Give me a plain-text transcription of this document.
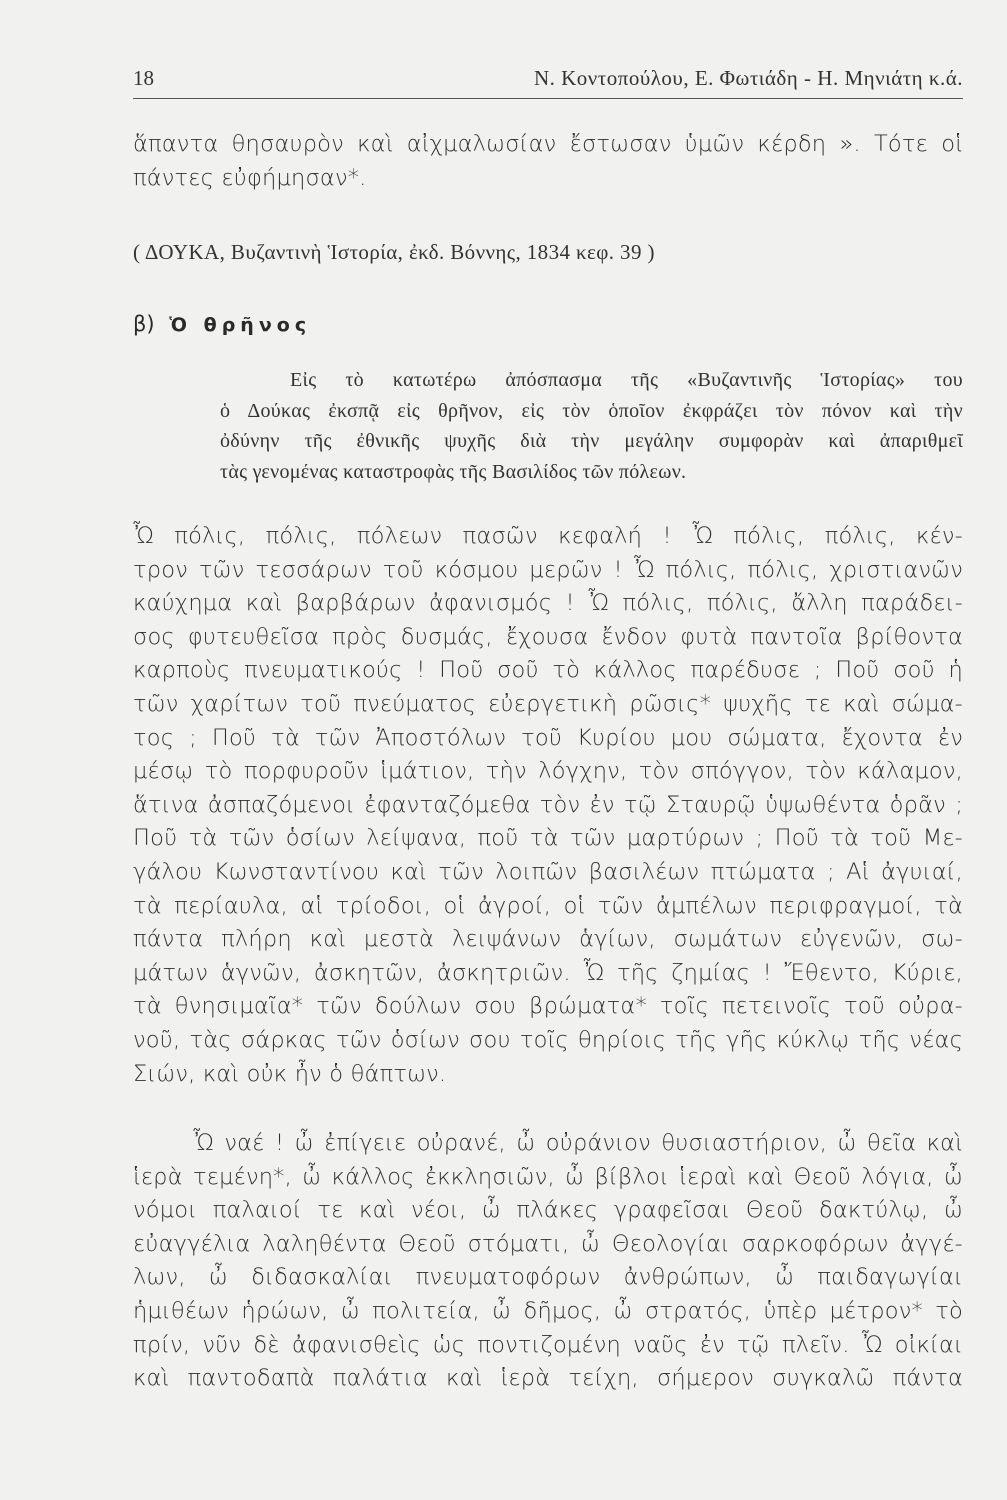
18	Ν. Κοντοπούλου, Ε. Φωτιάδη - Η. Μηνιάτη κ.ά.
ἅπαντα θησαυρὸν καὶ αἰχμαλωσίαν ἔστωσαν ὑμῶν κέρδη ». Τότε οἱ
πάντες εὐφήμησαν*.
( ΔΟΥΚΑ, Βυζαντινὴ Ἱστορία, ἐκδ. Βόννης, 1834 κεφ. 39 )
β) Ὁ θρῆνος
Εἰς τὸ κατωτέρω ἀπόσπασμα τῆς «Βυζαντινῆς Ἱστορίας» του
ὁ Δούκας ἐκσπᾷ εἰς θρῆνον, εἰς τὸν ὁποῖον ἐκφράζει τὸν πόνον καὶ τὴν
ὀδύνην τῆς ἐθνικῆς ψυχῆς διὰ τὴν μεγάλην συμφορὰν καὶ ἀπαριθμεῖ
τὰς γενομένας καταστροφὰς τῆς Βασιλίδος τῶν πόλεων.
Ὦ πόλις, πόλις, πόλεων πασῶν κεφαλή ! Ὦ πόλις, πόλις, κέν-
τρον τῶν τεσσάρων τοῦ κόσμου μερῶν ! Ὦ πόλις, πόλις, χριστιανῶν
καύχημα καὶ βαρβάρων ἀφανισμός ! Ὦ πόλις, πόλις, ἄλλη παράδει-
σος φυτευθεῖσα πρὸς δυσμάς, ἔχουσα ἔνδον φυτὰ παντοῖα βρίθοντα
καρποὺς πνευματικούς ! Ποῦ σοῦ τὸ κάλλος παρέδυσε ; Ποῦ σοῦ ἡ
τῶν χαρίτων τοῦ πνεύματος εὐεργετικὴ ρῶσις* ψυχῆς τε καὶ σώμα-
τος ; Ποῦ τὰ τῶν Ἀποστόλων τοῦ Κυρίου μου σώματα, ἔχοντα ἐν
μέσῳ τὸ πορφυροῦν ἱμάτιον, τὴν λόγχην, τὸν σπόγγον, τὸν κάλαμον,
ἅτινα ἀσπαζόμενοι ἐφανταζόμεθα τὸν ἐν τῷ Σταυρῷ ὑψωθέντα ὁρᾶν ;
Ποῦ τὰ τῶν ὁσίων λείψανα, ποῦ τὰ τῶν μαρτύρων ; Ποῦ τὰ τοῦ Με-
γάλου Κωνσταντίνου καὶ τῶν λοιπῶν βασιλέων πτώματα ; Αἱ ἀγυιαί,
τὰ περίαυλα, αἱ τρίοδοι, οἱ ἀγροί, οἱ τῶν ἀμπέλων περιφραγμοί, τὰ
πάντα πλήρη καὶ μεστὰ λειψάνων ἁγίων, σωμάτων εὐγενῶν, σω-
μάτων ἁγνῶν, ἀσκητῶν, ἀσκητριῶν. Ὦ τῆς ζημίας ! Ἔθεντο, Κύριε,
τὰ θνησιμαῖα* τῶν δούλων σου βρώματα* τοῖς πετεινοῖς τοῦ οὐρα-
νοῦ, τὰς σάρκας τῶν ὁσίων σου τοῖς θηρίοις τῆς γῆς κύκλῳ τῆς νέας
Σιών, καὶ οὐκ ἦν ὁ θάπτων.
Ὦ ναέ ! ὦ ἐπίγειε οὐρανέ, ὦ οὐράνιον θυσιαστήριον, ὦ θεῖα καὶ
ἱερὰ τεμένη*, ὦ κάλλος ἐκκλησιῶν, ὦ βίβλοι ἱεραὶ καὶ Θεοῦ λόγια, ὦ
νόμοι παλαιοί τε καὶ νέοι, ὦ πλάκες γραφεῖσαι Θεοῦ δακτύλῳ, ὦ
εὐαγγέλια λαληθέντα Θεοῦ στόματι, ὦ Θεολογίαι σαρκοφόρων ἀγγέ-
λων, ὦ διδασκαλίαι πνευματοφόρων ἀνθρώπων, ὦ παιδαγωγίαι
ἡμιθέων ἡρώων, ὦ πολιτεία, ὦ δῆμος, ὦ στρατός, ὑπὲρ μέτρον* τὸ
πρίν, νῦν δὲ ἀφανισθεὶς ὡς ποντιζομένη ναῦς ἐν τῷ πλεῖν. Ὦ οἰκίαι
καὶ παντοδαπὰ παλάτια καὶ ἱερὰ τείχη, σήμερον συγκαλῶ πάντα
